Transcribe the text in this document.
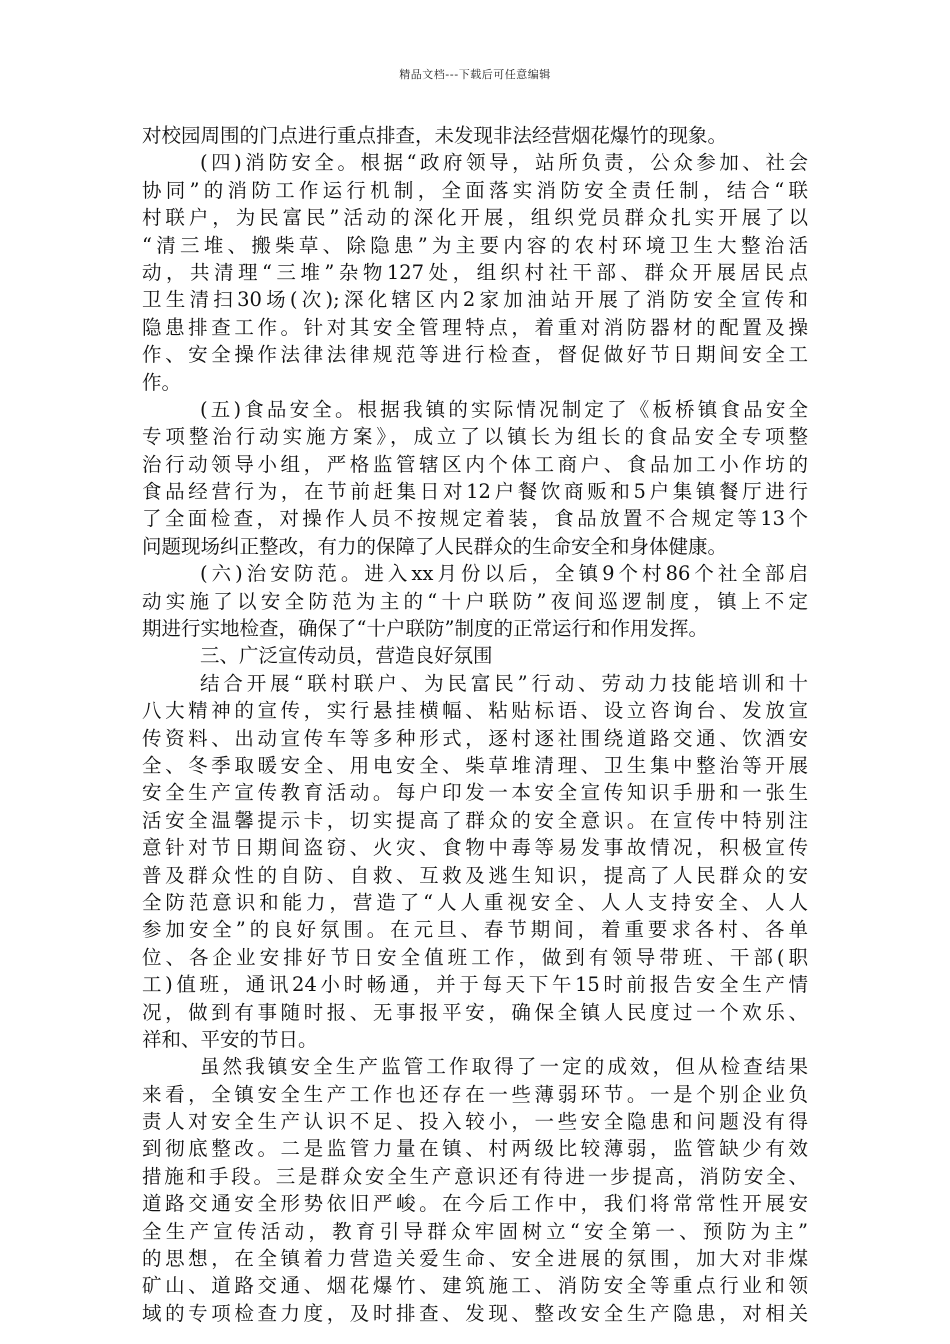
精品文档---下载后可任意编辑
对校园周围的门点进行重点排查，未发现非法经营烟花爆竹的现象。
(四)消防安全。根据“政府领导，站所负责，公众参加、社会
协同”的消防工作运行机制，全面落实消防安全责任制，结合“联
村联户，为民富民”活动的深化开展，组织党员群众扎实开展了以
“清三堆、搬柴草、除隐患”为主要内容的农村环境卫生大整治活
动，共清理“三堆”杂物127处，组织村社干部、群众开展居民点
卫生清扫30场(次);深化辖区内2家加油站开展了消防安全宣传和
隐患排查工作。针对其安全管理特点，着重对消防器材的配置及操
作、安全操作法律法律规范等进行检查，督促做好节日期间安全工
作。
(五)食品安全。根据我镇的实际情况制定了《板桥镇食品安全
专项整治行动实施方案》，成立了以镇长为组长的食品安全专项整
治行动领导小组，严格监管辖区内个体工商户、食品加工小作坊的
食品经营行为，在节前赶集日对12户餐饮商贩和5户集镇餐厅进行
了全面检查，对操作人员不按规定着装，食品放置不合规定等13个
问题现场纠正整改，有力的保障了人民群众的生命安全和身体健康。
(六)治安防范。进入xx月份以后，全镇9个村86个社全部启
动实施了以安全防范为主的“十户联防”夜间巡逻制度，镇上不定
期进行实地检查，确保了“十户联防”制度的正常运行和作用发挥。
三、广泛宣传动员，营造良好氛围
结合开展“联村联户、为民富民”行动、劳动力技能培训和十
八大精神的宣传，实行悬挂横幅、粘贴标语、设立咨询台、发放宣
传资料、出动宣传车等多种形式，逐村逐社围绕道路交通、饮酒安
全、冬季取暖安全、用电安全、柴草堆清理、卫生集中整治等开展
安全生产宣传教育活动。每户印发一本安全宣传知识手册和一张生
活安全温馨提示卡，切实提高了群众的安全意识。在宣传中特别注
意针对节日期间盗窃、火灾、食物中毒等易发事故情况，积极宣传
普及群众性的自防、自救、互救及逃生知识，提高了人民群众的安
全防范意识和能力，营造了“人人重视安全、人人支持安全、人人
参加安全”的良好氛围。在元旦、春节期间，着重要求各村、各单
位、各企业安排好节日安全值班工作，做到有领导带班、干部(职
工)值班，通讯24小时畅通，并于每天下午15时前报告安全生产情
况，做到有事随时报、无事报平安，确保全镇人民度过一个欢乐、
祥和、平安的节日。
虽然我镇安全生产监管工作取得了一定的成效，但从检查结果
来看，全镇安全生产工作也还存在一些薄弱环节。一是个别企业负
责人对安全生产认识不足、投入较小，一些安全隐患和问题没有得
到彻底整改。二是监管力量在镇、村两级比较薄弱，监管缺少有效
措施和手段。三是群众安全生产意识还有待进一步提高，消防安全、
道路交通安全形势依旧严峻。在今后工作中，我们将常常性开展安
全生产宣传活动，教育引导群众牢固树立“安全第一、预防为主”
的思想，在全镇着力营造关爱生命、安全进展的氛围，加大对非煤
矿山、道路交通、烟花爆竹、建筑施工、消防安全等重点行业和领
域的专项检查力度，及时排查、发现、整改安全生产隐患，对相关
